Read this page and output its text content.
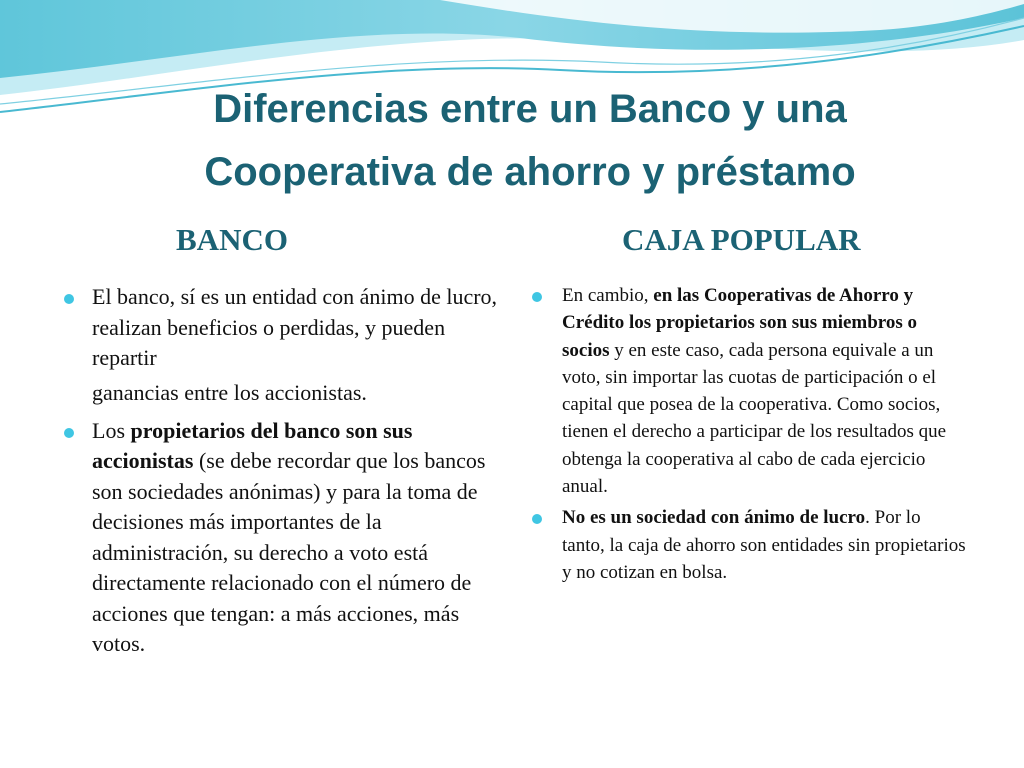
Diferencias entre un Banco y una
Cooperativa de ahorro y préstamo
BANCO	CAJA POPULAR

El banco, sí es un entidad con ánimo de lucro, realizan beneficios o perdidas, y pueden repartir

ganancias entre los accionistas.

Los propietarios del banco son sus accionistas (se debe recordar que los bancos son sociedades anónimas) y para la toma de decisiones más importantes de la administración, su derecho a voto está directamente relacionado con el número de acciones que tengan: a más acciones, más votos.

En cambio, en las Cooperativas de Ahorro y Crédito los propietarios son sus miembros o socios y en este caso, cada persona equivale a un voto, sin importar las cuotas de participación o el capital que posea de la cooperativa. Como socios, tienen el derecho a participar de los resultados que obtenga la cooperativa al cabo de cada ejercicio anual.

No es un sociedad con ánimo de lucro. Por lo tanto, la caja de ahorro son entidades sin propietarios y no cotizan en bolsa.
